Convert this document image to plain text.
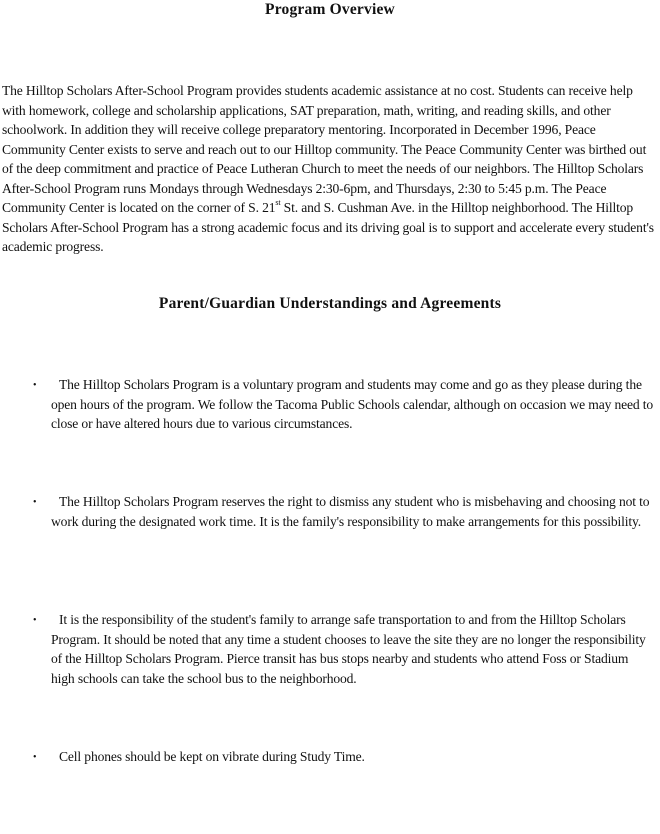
Program Overview

The Hilltop Scholars After-School Program provides students academic assistance at no cost. Students can receive help with homework, college and scholarship applications, SAT preparation, math, writing, and reading skills, and other schoolwork. In addition they will receive college preparatory mentoring. Incorporated in December 1996, Peace Community Center exists to serve and reach out to our Hilltop community. The Peace Community Center was birthed out of the deep commitment and practice of Peace Lutheran Church to meet the needs of our neighbors. The Hilltop Scholars After-School Program runs Mondays through Wednesdays 2:30-6pm, and Thursdays, 2:30 to 5:45 p.m. The Peace Community Center is located on the corner of S. 21st St. and S. Cushman Ave. in the Hilltop neighborhood. The Hilltop Scholars After-School Program has a strong academic focus and its driving goal is to support and accelerate every student's academic progress.

Parent/Guardian Understandings and Agreements

• The Hilltop Scholars Program is a voluntary program and students may come and go as they please during the open hours of the program. We follow the Tacoma Public Schools calendar, although on occasion we may need to close or have altered hours due to various circumstances.

• The Hilltop Scholars Program reserves the right to dismiss any student who is misbehaving and choosing not to work during the designated work time. It is the family's responsibility to make arrangements for this possibility.

• It is the responsibility of the student's family to arrange safe transportation to and from the Hilltop Scholars Program. It should be noted that any time a student chooses to leave the site they are no longer the responsibility of the Hilltop Scholars Program. Pierce transit has bus stops nearby and students who attend Foss or Stadium high schools can take the school bus to the neighborhood.

• Cell phones should be kept on vibrate during Study Time.
